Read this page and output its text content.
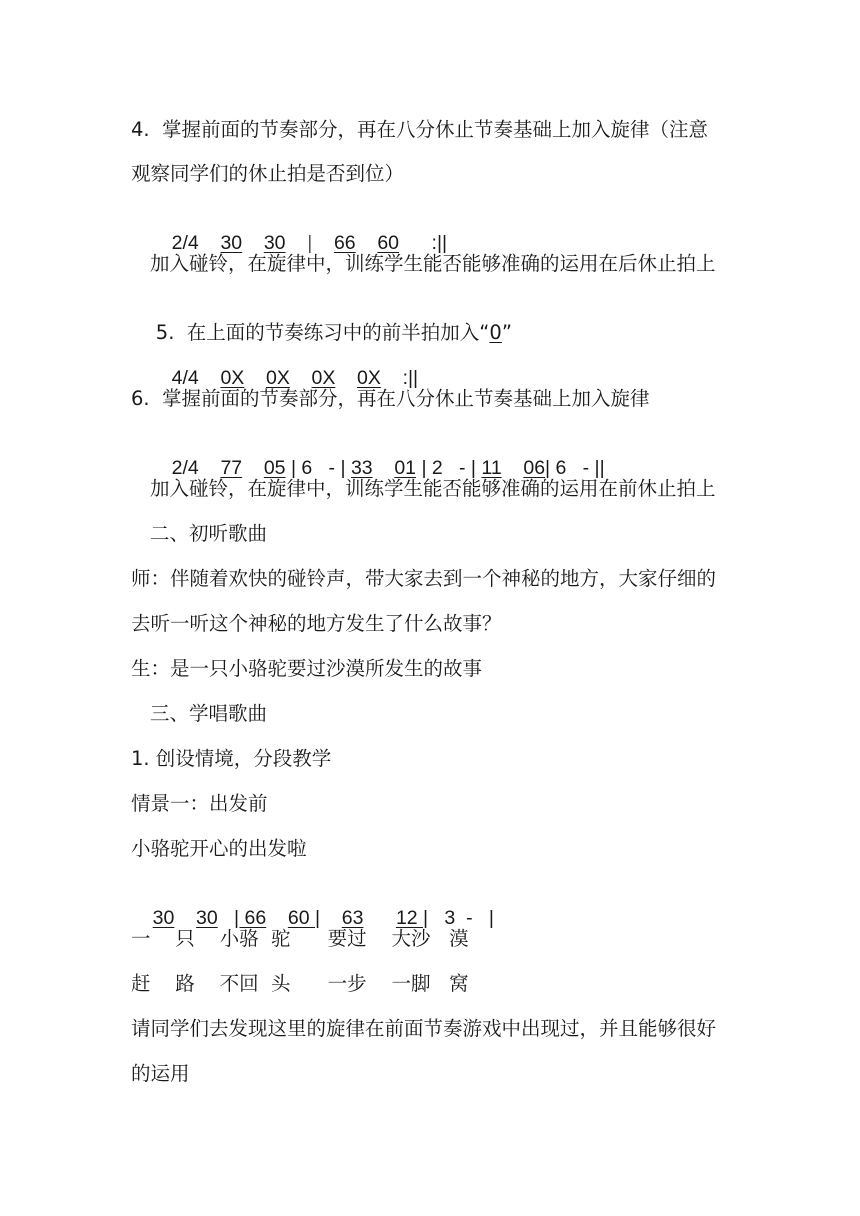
4.  掌握前面的节奏部分，再在八分休止节奏基础上加入旋律（注意
观察同学们的休止拍是否到位）

2/4 30 30 | 66 60 :||

加入碰铃，在旋律中，训练学生能否能够准确的运用在后休止拍上

5.  在上面的节奏练习中的前半拍加入“0”

4/4 0X 0X 0X 0X :||

6.  掌握前面的节奏部分，再在八分休止节奏基础上加入旋律

2/4 77 05 | 6   - | 33 01 | 2   - | 11 06| 6   - ||

加入碰铃，在旋律中，训练学生能否能够准确的运用在前休止拍上
二、初听歌曲
师：伴随着欢快的碰铃声，带大家去到一个神秘的地方，大家仔细的
去听一听这个神秘的地方发生了什么故事？
生：是一只小骆驼要过沙漠所发生的故事
三、学唱歌曲
1. 创设情境，分段教学
情景一：出发前
小骆驼开心的出发啦

30 30 | 66 60 | 63 12 | 3  -   |

一    只    小骆  驼      要过    大沙   漠
赶    路    不回  头      一步    一脚   窝
请同学们去发现这里的旋律在前面节奏游戏中出现过，并且能够很好
的运用
